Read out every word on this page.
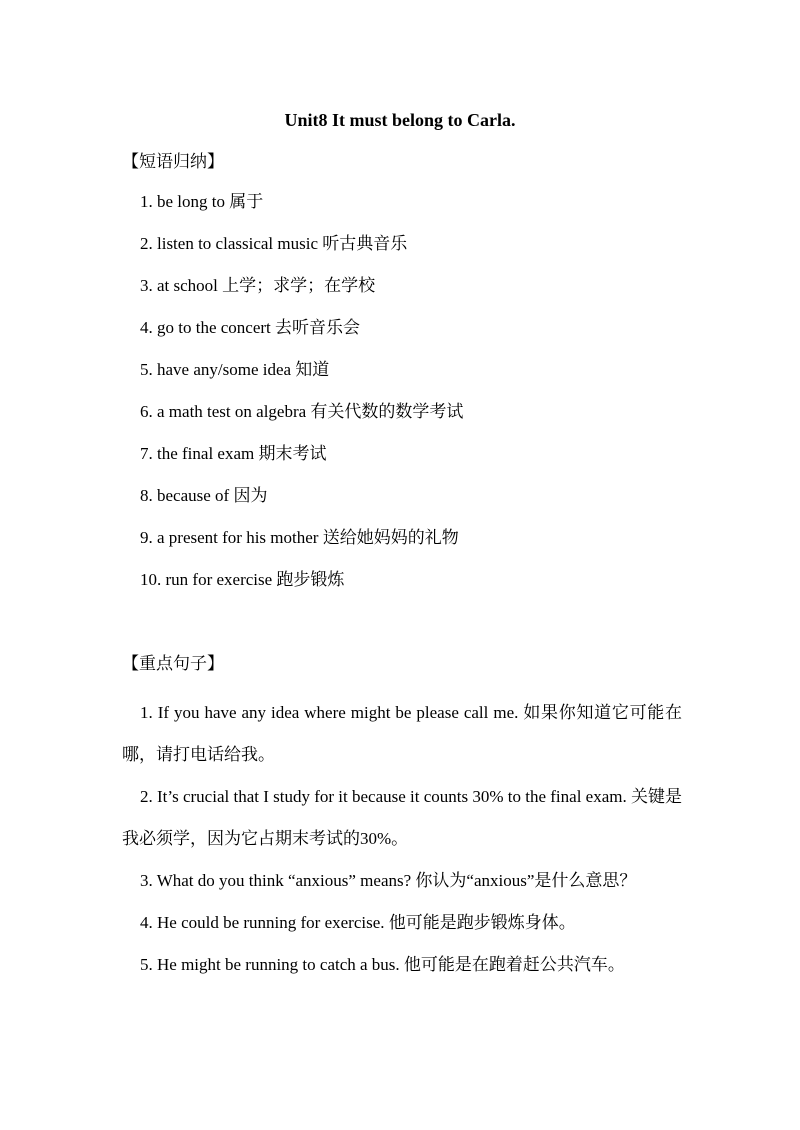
Unit8 It must belong to Carla.
【短语归纳】
1. be long to 属于
2. listen to classical music 听古典音乐
3. at school 上学；求学；在学校
4. go to the concert 去听音乐会
5. have any/some idea 知道
6. a math test on algebra 有关代数的数学考试
7. the final exam 期末考试
8. because of 因为
9. a present for his mother 送给她妈妈的礼物
10. run for exercise 跑步锻炼
【重点句子】
1. If you have any idea where might be please call me. 如果你知道它可能在哪，请打电话给我。
2. It’s crucial that I study for it because it counts 30% to the final exam. 关键是我必须学，因为它占期末考试的30%。
3. What do you think “anxious” means? 你认为“anxious”是什么意思？
4. He could be running for exercise. 他可能是跑步锻炼身体。
5. He might be running to catch a bus. 他可能是在跑着赶公共汽车。
